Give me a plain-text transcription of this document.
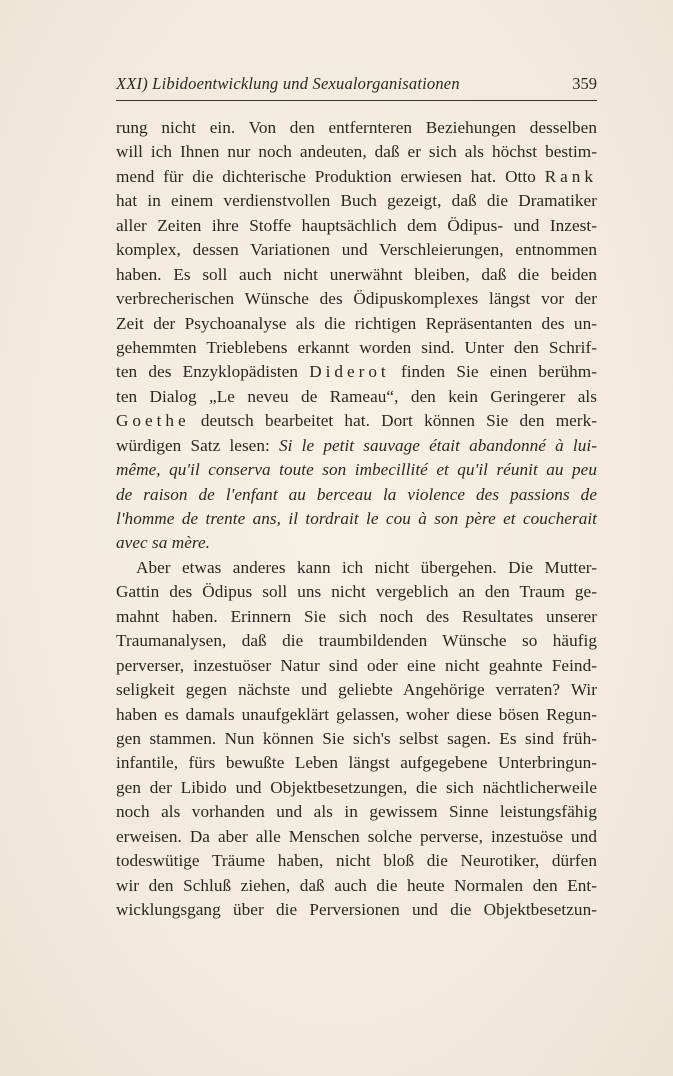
XXI) Libidoentwicklung und Sexualorganisationen	359
rung nicht ein. Von den entfernteren Beziehungen desselben
will ich Ihnen nur noch andeuten, daß er sich als höchst bestim-
mend für die dichterische Produktion erwiesen hat. Otto Rank
hat in einem verdienstvollen Buch gezeigt, daß die Dramatiker
aller Zeiten ihre Stoffe hauptsächlich dem Ödipus- und Inzest-
komplex, dessen Variationen und Verschleierungen, entnommen
haben. Es soll auch nicht unerwähnt bleiben, daß die beiden
verbrecherischen Wünsche des Ödipuskomplexes längst vor der
Zeit der Psychoanalyse als die richtigen Repräsentanten des un-
gehemmten Trieblebens erkannt worden sind. Unter den Schrif-
ten des Enzyklopädisten Diderot finden Sie einen berühm-
ten Dialog „Le neveu de Rameau“, den kein Geringerer als
Goethe deutsch bearbeitet hat. Dort können Sie den merk-
würdigen Satz lesen: Si le petit sauvage était abandonné à lui-
même, qu'il conserva toute son imbecillité et qu'il réunit au peu
de raison de l'enfant au berceau la violence des passions de
l'homme de trente ans, il tordrait le cou à son père et coucherait
avec sa mère.
Aber etwas anderes kann ich nicht übergehen. Die Mutter-
Gattin des Ödipus soll uns nicht vergeblich an den Traum ge-
mahnt haben. Erinnern Sie sich noch des Resultates unserer
Traumanalysen, daß die traumbildenden Wünsche so häufig
perverser, inzestuöser Natur sind oder eine nicht geahnte Feind-
seligkeit gegen nächste und geliebte Angehörige verraten? Wir
haben es damals unaufgeklärt gelassen, woher diese bösen Regun-
gen stammen. Nun können Sie sich's selbst sagen. Es sind früh-
infantile, fürs bewußte Leben längst aufgegebene Unterbringun-
gen der Libido und Objektbesetzungen, die sich nächtlicherweile
noch als vorhanden und als in gewissem Sinne leistungsfähig
erweisen. Da aber alle Menschen solche perverse, inzestuöse und
todeswütige Träume haben, nicht bloß die Neurotiker, dürfen
wir den Schluß ziehen, daß auch die heute Normalen den Ent-
wicklungsgang über die Perversionen und die Objektbesetzun-
